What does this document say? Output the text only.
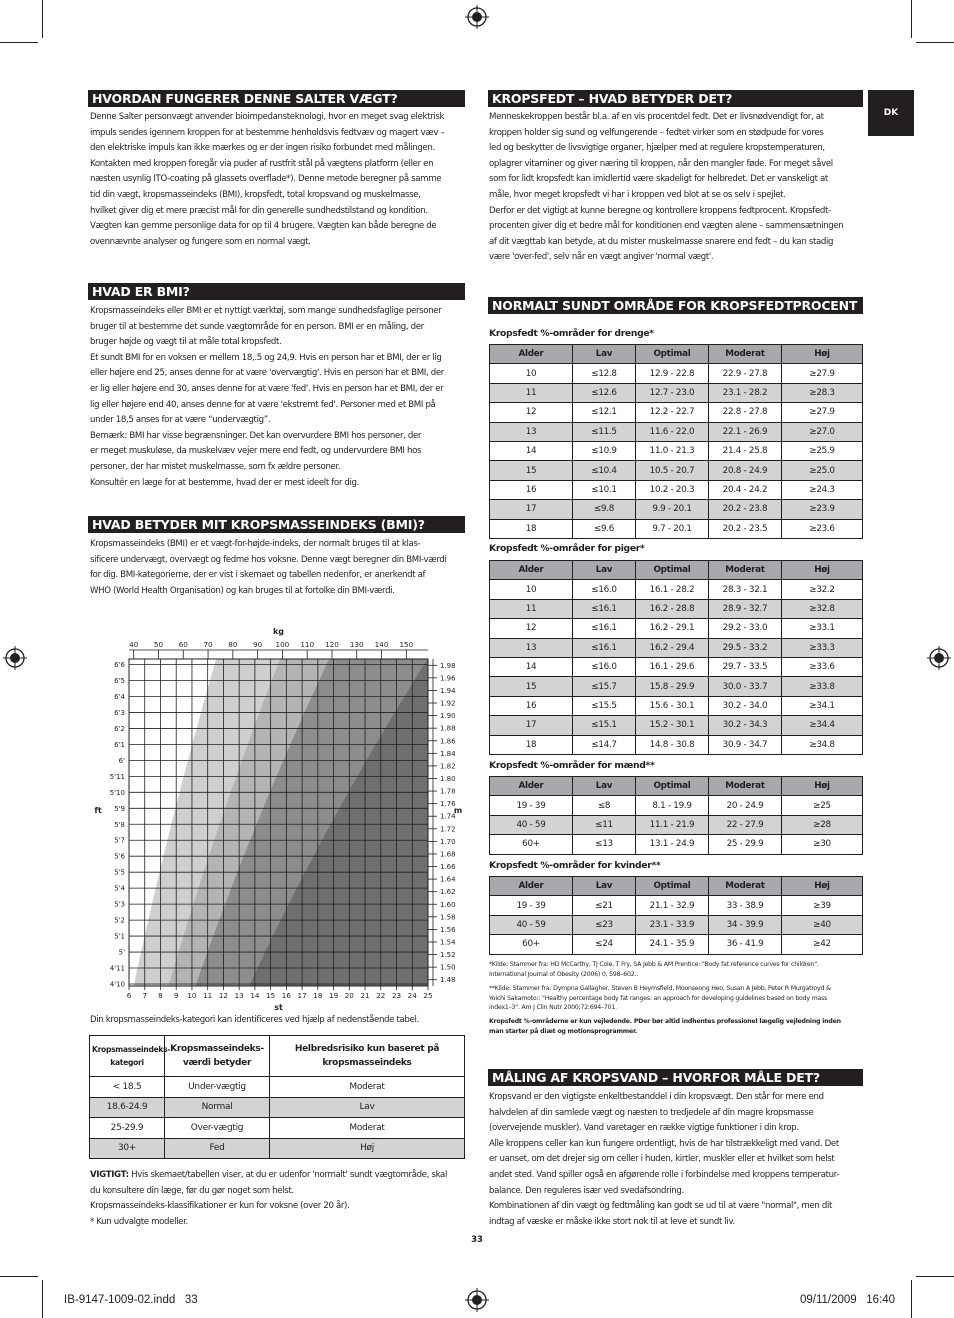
DK
HVORDAN FUNGERER DENNE SALTER VÆGT?
Denne Salter personvægt anvender bioimpedansteknologi, hvor en meget svag elektrisk
impuls sendes igennem kroppen for at bestemme henholdsvis fedtvæv og magert væv –
den elektriske impuls kan ikke mærkes og er der ingen risiko forbundet med målingen.
Kontakten med kroppen foregår via puder af rustfrit stål på vægtens platform (eller en
næsten usynlig ITO-coating på glassets overflade*). Denne metode beregner på samme
tid din vægt, kropsmasseindeks (BMI), kropsfedt, total kropsvand og muskelmasse,
hvilket giver dig et mere præcist mål for din generelle sundhedstilstand og kondition.
Vægten kan gemme personlige data for op til 4 brugere. Vægten kan både beregne de
ovennævnte analyser og fungere som en normal vægt.
HVAD ER BMI?
Kropsmasseindeks eller BMI er et nyttigt værktøj, som mange sundhedsfaglige personer
bruger til at bestemme det sunde vægtområde for en person. BMI er en måling, der
bruger højde og vægt til at måle total kropsfedt.
Et sundt BMI for en voksen er mellem 18,.5 og 24,9. Hvis en person har et BMI, der er lig
eller højere end 25, anses denne for at være 'overvægtig'. Hvis en person har et BMI, der
er lig eller højere end 30, anses denne for at være 'fed'. Hvis en person har et BMI, der er
lig eller højere end 40, anses denne for at være 'ekstremt fed'. Personer med et BMI på
under 18,5 anses for at være “undervægtig”.
Bemærk: BMI har visse begrænsninger. Det kan overvurdere BMI hos personer, der
er meget muskuløse, da muskelvæv vejer mere end fedt, og undervurdere BMI hos
personer, der har mistet muskelmasse, som fx ældre personer.
Konsultér en læge for at bestemme, hvad der er mest ideelt for dig.
HVAD BETYDER MIT KROPSMASSEINDEKS (BMI)?
Kropsmasseindeks (BMI) er et vægt-for-højde-indeks, der normalt bruges til at klas-
sificere undervægt, overvægt og fedme hos voksne. Denne vægt beregner din BMI-værdi
for dig. BMI-kategorierne, der er vist i skemaet og tabellen nedenfor, er anerkendt af
WHO (World Health Organisation) og kan bruges til at fortolke din BMI-værdi.
6 7 8 9 10 11 12 13 14 15 16 17 18 19 20 21 22 23 24 25
6'6
6'5
6'4
6'3
6'2
6'1
6'
5'11
5'10
5'9
5'8
5'7
5'6
5'5
5'4
5'3
5'2
5'1
5'
4'11
4'10
40 50 60 70 80 90 100 110 120 130 140 150
1.98
1.96
1.94
1.92
1.90
1.88
1.86
1.84
1.82
1.80
1.78
1.76
1.74
1.72
1.70
1.68
1.66
1.64
1.62
1.60
1.58
1.56
1.54
1.52
1.50
1.48
kg
st
ft	m
Din kropsmasseindeks-kategori kan identificeres ved hjælp af nedenstående tabel.
Kropsmasseindeks-
kategori	Kropsmasseindeks-
værdi betyder	Helbredsrisiko kun baseret på
kropsmasseindeks
< 18.5	Under-vægtig	Moderat
18.6-24.9	Normal	Lav
25-29.9	Over-vægtig	Moderat
30+	Fed	Høj
VIGTIGT: Hvis skemaet/tabellen viser, at du er udenfor 'normalt' sundt vægtområde, skal
du konsultere din læge, før du gør noget som helst.
Kropsmasseindeks-klassifikationer er kun for voksne (over 20 år).
* Kun udvalgte modeller.
KROPSFEDT – HVAD BETYDER DET?
Menneskekroppen består bl.a. af en vis procentdel fedt. Det er livsnødvendigt for, at
kroppen holder sig sund og velfungerende – fedtet virker som en stødpude for vores
led og beskytter de livsvigtige organer, hjælper med at regulere kropstemperaturen,
oplagrer vitaminer og giver næring til kroppen, når den mangler føde. For meget såvel
som for lidt kropsfedt kan imidlertid være skadeligt for helbredet. Det er vanskeligt at
måle, hvor meget kropsfedt vi har i kroppen ved blot at se os selv i spejlet.
Derfor er det vigtigt at kunne beregne og kontrollere kroppens fedtprocent. Kropsfedt-
procenten giver dig et bedre mål for konditionen end vægten alene – sammensætningen
af dit vægttab kan betyde, at du mister muskelmasse snarere end fedt – du kan stadig
være 'over-fed', selv når en vægt angiver 'normal vægt'.
NORMALT SUNDT OMRÅDE FOR KROPSFEDTPROCENT
Kropsfedt %-områder for drenge*
Alder	Lav	Optimal	Moderat	Høj
10	≤12.8	12.9 - 22.8	22.9 - 27.8	≥27.9
11	≤12.6	12.7 - 23.0	23.1 - 28.2	≥28.3
12	≤12.1	12.2 - 22.7	22.8 - 27.8	≥27.9
13	≤11.5	11.6 - 22.0	22.1 - 26.9	≥27.0
14	≤10.9	11.0 - 21.3	21.4 - 25.8	≥25.9
15	≤10.4	10.5 - 20.7	20.8 - 24.9	≥25.0
16	≤10.1	10.2 - 20.3	20.4 - 24.2	≥24.3
17	≤9.8	9.9 - 20.1	20.2 - 23.8	≥23.9
18	≤9.6	9.7 - 20.1	20.2 - 23.5	≥23.6
Kropsfedt %-områder for piger*
Alder	Lav	Optimal	Moderat	Høj
10	≤16.0	16.1 - 28.2	28.3 - 32.1	≥32.2
11	≤16.1	16.2 - 28.8	28.9 - 32.7	≥32.8
12	≤16.1	16.2 - 29.1	29.2 - 33.0	≥33.1
13	≤16.1	16.2 - 29.4	29.5 - 33.2	≥33.3
14	≤16.0	16.1 - 29.6	29.7 - 33.5	≥33.6
15	≤15.7	15.8 - 29.9	30.0 - 33.7	≥33.8
16	≤15.5	15.6 - 30.1	30.2 - 34.0	≥34.1
17	≤15.1	15.2 - 30.1	30.2 - 34.3	≥34.4
18	≤14.7	14.8 - 30.8	30.9 - 34.7	≥34.8
Kropsfedt %-områder for mænd**
Alder	Lav	Optimal	Moderat	Høj
19 - 39	≤8	8.1 - 19.9	20 - 24.9	≥25
40 - 59	≤11	11.1 - 21.9	22 - 27.9	≥28
60+	≤13	13.1 - 24.9	25 - 29.9	≥30
Kropsfedt %-områder for kvinder**
Alder	Lav	Optimal	Moderat	Høj
19 - 39	≤21	21.1 - 32.9	33 - 38.9	≥39
40 - 59	≤23	23.1 - 33.9	34 - 39.9	≥40
60+	≤24	24.1 - 35.9	36 - 41.9	≥42
*Kilde: Stammer fra: HD McCarthy, TJ Cole, T Fry, SA Jebb & AM Prentice: "Body fat reference curves for children".
International Journal of Obesity (2006) 0, 598–602..
**Kilde: Stammer fra: Dympna Gallagher, Steven B Heymsfield, Moonseong Heo, Susan A Jebb, Peter R Murgatroyd &
Yoichi Sakamoto:: "Healthy percentage body fat ranges: an approach for developing guidelines based on body mass
index1–3". Am J Clin Nutr 2000;72:694–701.
Kropsfedt %-områderne er kun vejledende. PDer bør altid indhentes professionel lægelig vejledning inden
man starter på diæt og motionsprogrammer.
MÅLING AF KROPSVAND – HVORFOR MÅLE DET?
Kropsvand er den vigtigste enkeltbestanddel i din kropsvægt. Den står for mere end
halvdelen af din samlede vægt og næsten to tredjedele af din magre kropsmasse
(overvejende muskler). Vand varetager en række vigtige funktioner i din krop.
Alle kroppens celler kan kun fungere ordentligt, hvis de har tilstrækkeligt med vand. Det
er uanset, om det drejer sig om celler i huden, kirtler, muskler eller et hvilket som helst
andet sted. Vand spiller også en afgørende rolle i forbindelse med kroppens temperatur-
balance. Den reguleres især ved svedafsondring.
Kombinationen af din vægt og fedtmåling kan godt se ud til at være "normal", men dit
indtag af væske er måske ikke stort nok til at leve et sundt liv.
33
IB-9147-1009-02.indd   33	09/11/2009   16:40
